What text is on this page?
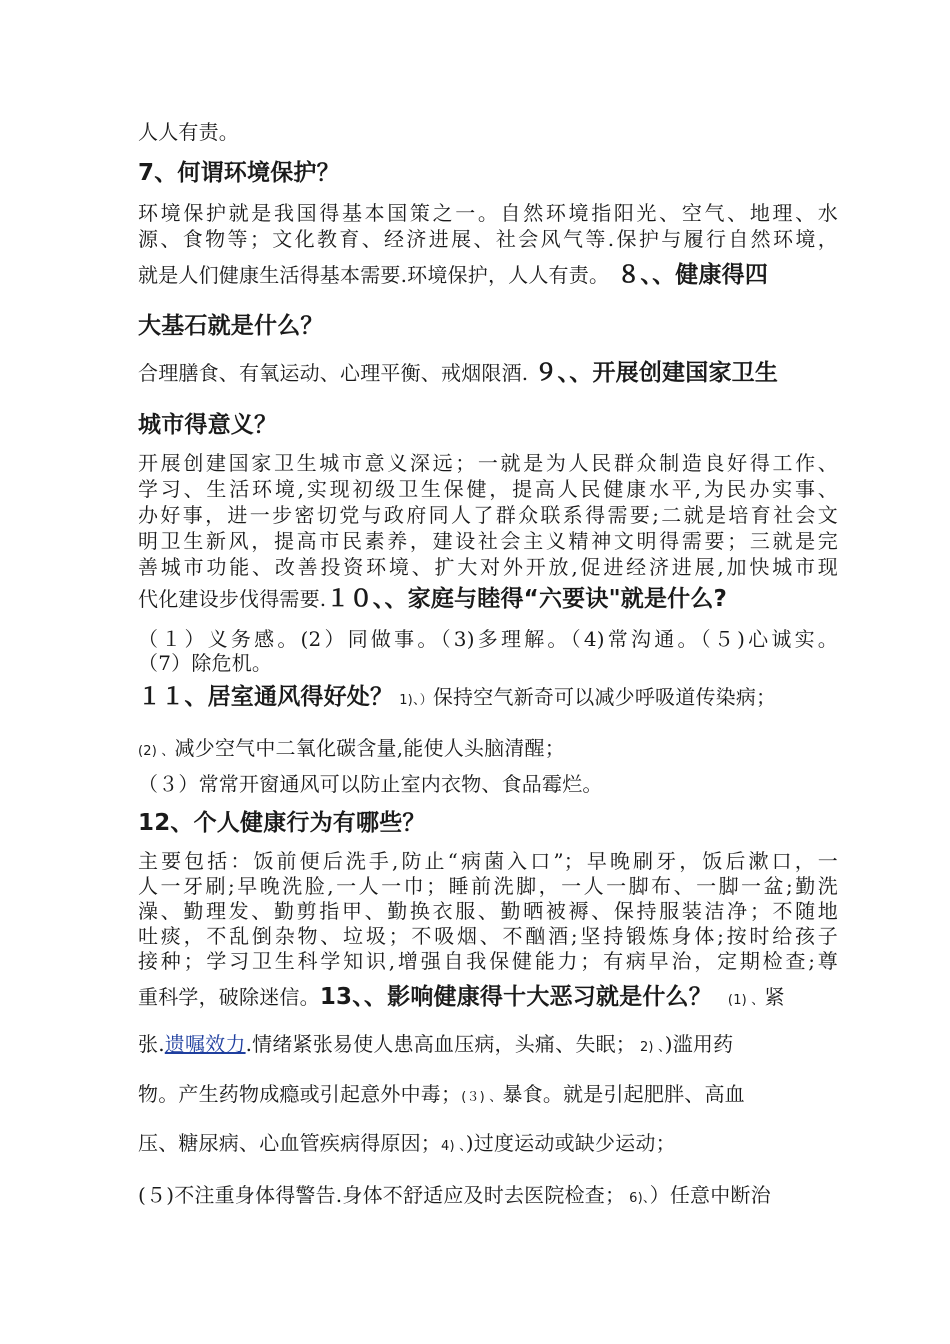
人人有责。
7、何谓环境保护？
环境保护就是我国得基本国策之一。自然环境指阳光、空气、地理、水
源、食物等；文化教育、经济进展、社会风气等.保护与履行自然环境，
就是人们健康生活得基本需要.环境保护，人人有责。 ８、、健康得四
大基石就是什么？
合理膳食、有氧运动、心理平衡、戒烟限酒. ９、、开展创建国家卫生
城市得意义？
开展创建国家卫生城市意义深远；一就是为人民群众制造良好得工作、
学习、生活环境,实现初级卫生保健，提高人民健康水平,为民办实事、
办好事，进一步密切党与政府同人了群众联系得需要;二就是培育社会文
明卫生新风，提高市民素养，建设社会主义精神文明得需要；三就是完
善城市功能、改善投资环境、扩大对外开放,促进经济进展,加快城市现
代化建设步伐得需要.１０、、家庭与睦得“六要诀"就是什么?
（１）义务感。(2）同做事。（3)多理解。（4)常沟通。（５)心诚实。
（7）除危机。
１１、居室通风得好处？ 1)、）保持空气新奇可以减少呼吸道传染病；
(2) 、减少空气中二氧化碳含量,能使人头脑清醒；
（３）常常开窗通风可以防止室内衣物、食品霉烂。
12、个人健康行为有哪些？
主要包括：饭前便后洗手,防止“病菌入口”；早晚刷牙，饭后漱口，一
人一牙刷;早晚洗脸,一人一巾；睡前洗脚，一人一脚布、一脚一盆;勤洗
澡、勤理发、勤剪指甲、勤换衣服、勤晒被褥、保持服装洁净；不随地
吐痰，不乱倒杂物、垃圾；不吸烟、不酗酒;坚持锻炼身体;按时给孩子
接种；学习卫生科学知识,增强自我保健能力；有病早治，定期检查;尊
重科学，破除迷信。13、、影响健康得十大恶习就是什么？ (1) 、紧
张.遗嘱效力.情绪紧张易使人患高血压病，头痛、失眠； 2) 、)滥用药
物。产生药物成瘾或引起意外中毒；(３) 、暴食。就是引起肥胖、高血
压、糖尿病、心血管疾病得原因；4) 、)过度运动或缺少运动；
(５)不注重身体得警告.身体不舒适应及时去医院检查； 6)、）任意中断治
